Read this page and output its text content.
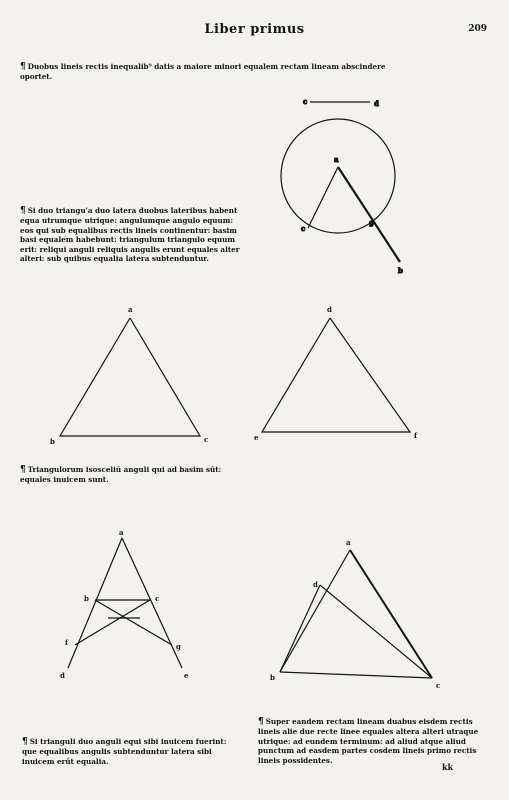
Liber primus	209
¶ Duobus lineis rectis inequalib⁹ datis a maiore minori equalem rectam lineam abscindere oportet.
¶ Si duo triangu'a duo latera duobus lateribus habent equa utrumque utrique: angulumque angulo equum: eos qui sub equalibus rectis lineis continentur: basim basi equalem habebunt: triangulum triangulo equum erit: reliqui anguli reliquis angulis erunt equales alter alteri: sub quibus equalia latera subtenduntur.
¶ Triangulorum isosceliū anguli qui ad basim sūt: equales inuicem sunt.
¶ Si trianguli duo anguli equi sibi inuicem fuerint: que equalibus angulis subtenduntur latera sibi inuicem erūt equalia.
¶ Super eandem rectam lineam duabus eisdem rectis lineis alie due recte linee equales altera alteri utraque utrique: ad eundem terminum: ad aliud atque aliud punctum ad easdem partes cosdem lineis primo rectis lineis possidentes.
kk
c	d
a
c
g
b
a
b	c
d
e	f
a
b	c
f	g
d	e
a
d
b
c
